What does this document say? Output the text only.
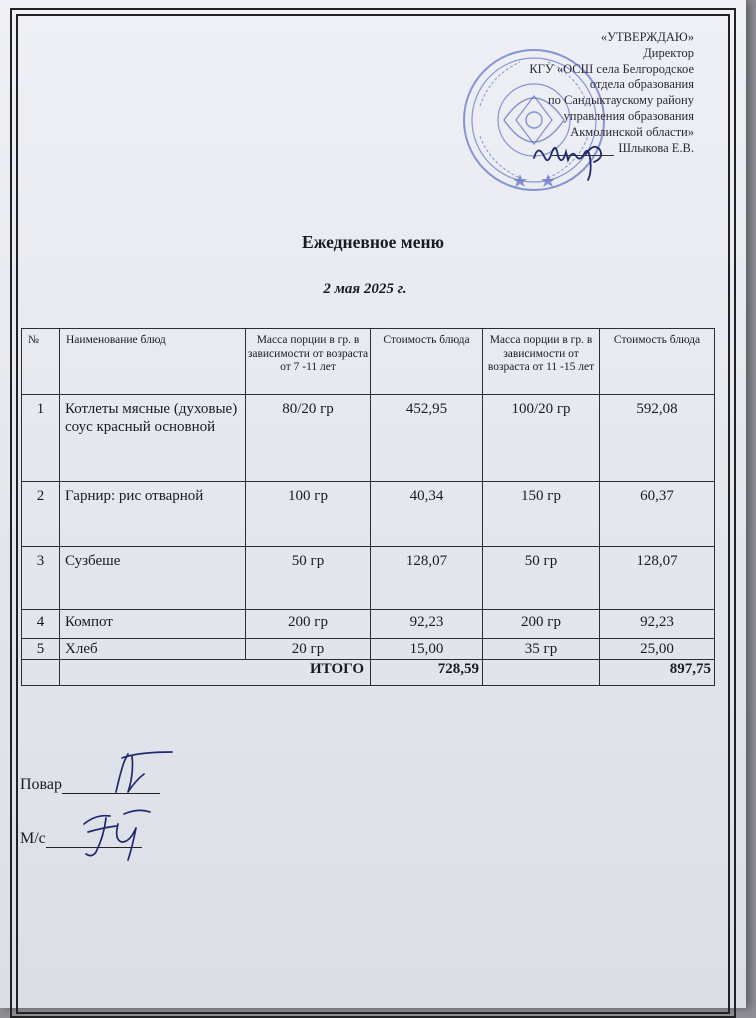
«УТВЕРЖДАЮ»
Директор
КГУ «ОСШ села Белгородское
отдела образования
по Сандыктаускому району
управления образования
Акмолинской области»
Шлыкова Е.В.
Ежедневное меню
2 мая 2025 г.
№	Наименование блюд	Масса порции в гр. в зависимости от возраста от 7 -11 лет	Стоимость блюда	Масса порции в гр. в зависимости от возраста от 11 -15 лет	Стоимость блюда
1	Котлеты мясные (духовые) соус красный основной	80/20 гр	452,95	100/20 гр	592,08
2	Гарнир: рис отварной	100 гр	40,34	150 гр	60,37
3	Сузбеше	50 гр	128,07	50 гр	128,07
4	Компот	200 гр	92,23	200 гр	92,23
5	Хлеб	20 гр	15,00	35 гр	25,00
	ИТОГО		728,59		897,75
Повар
М/с
